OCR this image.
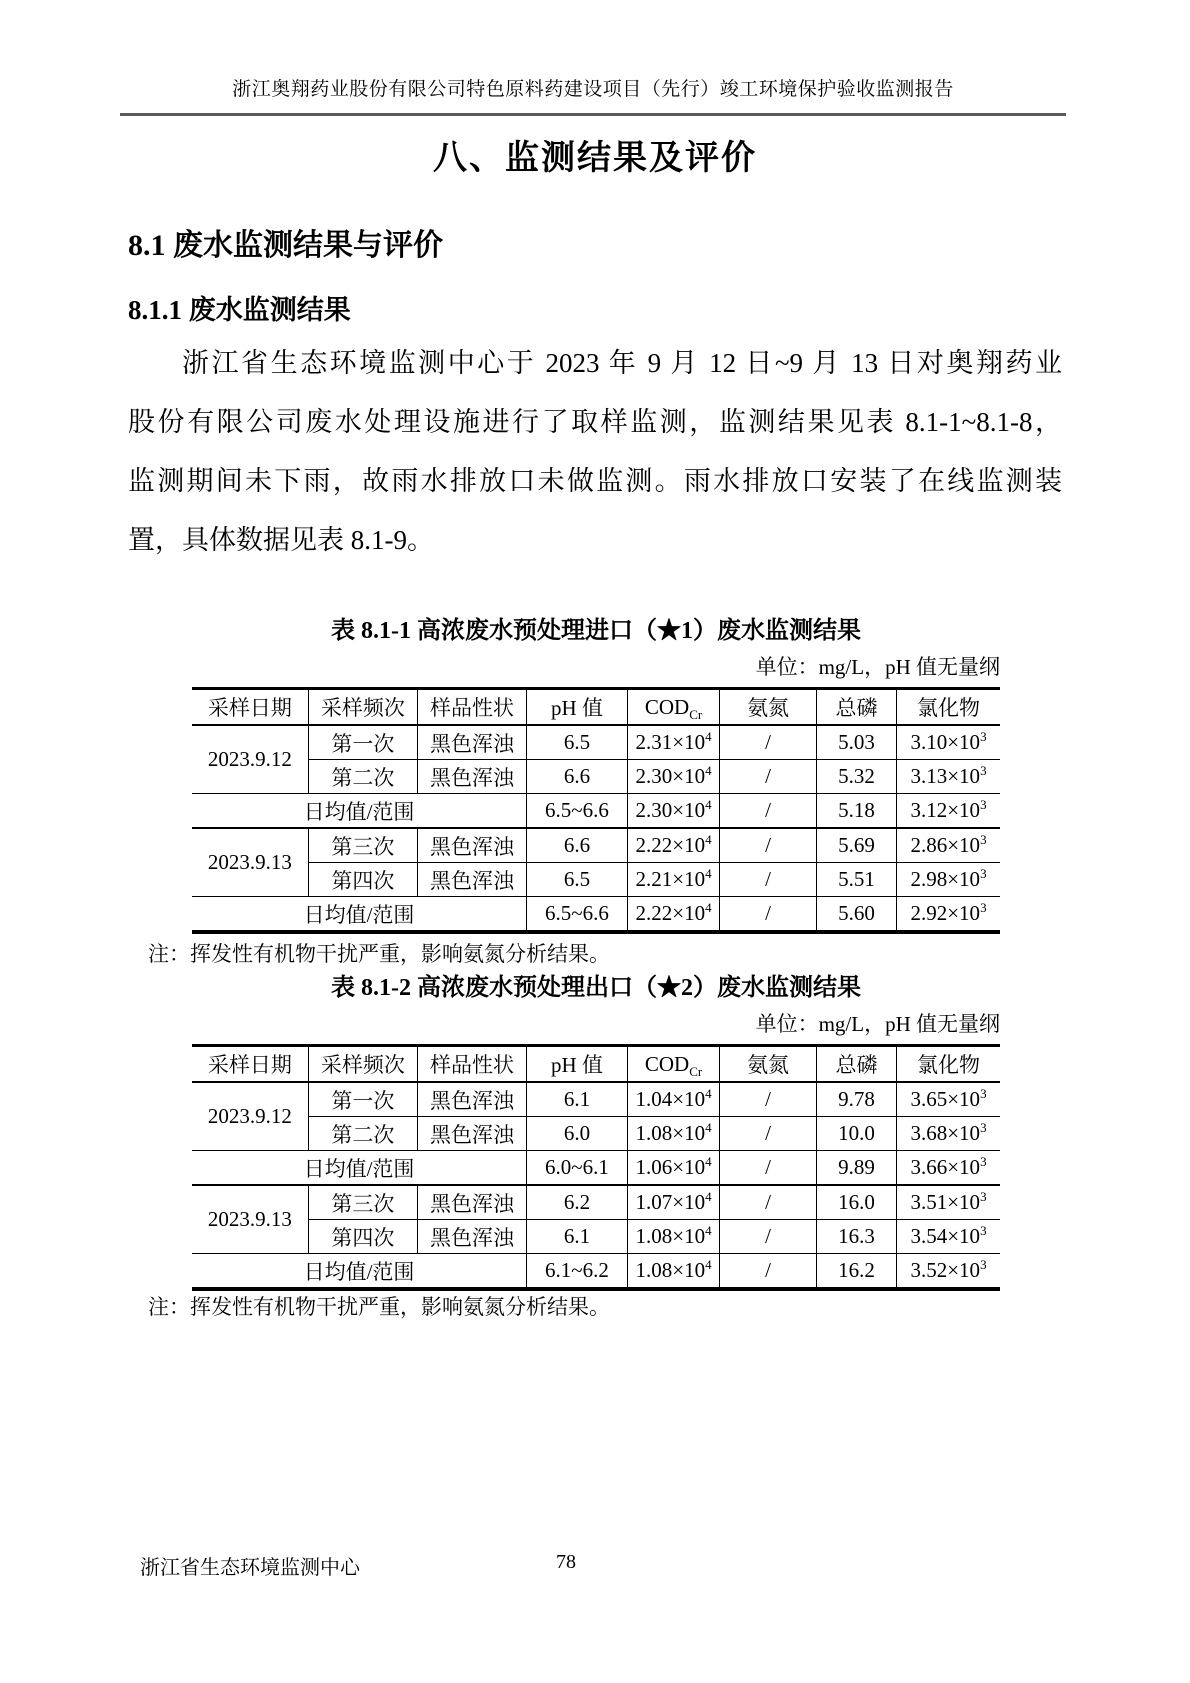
浙江奥翔药业股份有限公司特色原料药建设项目（先行）竣工环境保护验收监测报告
八、监测结果及评价
8.1 废水监测结果与评价
8.1.1 废水监测结果
浙江省生态环境监测中心于 2023 年 9 月 12 日~9 月 13 日对奥翔药业
股份有限公司废水处理设施进行了取样监测，监测结果见表 8.1-1~8.1-8，
监测期间未下雨，故雨水排放口未做监测。雨水排放口安装了在线监测装
置，具体数据见表 8.1-9。
表 8.1-1 高浓废水预处理进口（★1）废水监测结果
单位：mg/L，pH 值无量纲
采样日期	采样频次	样品性状	pH 值	$COD_{Cr}$	氨氮	总磷	氯化物
2023.9.12	第一次	黑色浑浊	6.5	$2.31\times 10^4$	/	5.03	$3.10\times 10^3$
	第二次	黑色浑浊	6.6	$2.30\times 10^4$	/	5.32	$3.13\times 10^3$
日均值/范围			6.5~6.6	$2.30\times 10^4$	/	5.18	$3.12\times 10^3$
2023.9.13	第三次	黑色浑浊	6.6	$2.22\times 10^4$	/	5.69	$2.86\times 10^3$
	第四次	黑色浑浊	6.5	$2.21\times 10^4$	/	5.51	$2.98\times 10^3$
日均值/范围			6.5~6.6	$2.22\times 10^4$	/	5.60	$2.92\times 10^3$
注：挥发性有机物干扰严重，影响氨氮分析结果。
表 8.1-2 高浓废水预处理出口（★2）废水监测结果
单位：mg/L，pH 值无量纲
采样日期	采样频次	样品性状	pH 值	$COD_{Cr}$	氨氮	总磷	氯化物
2023.9.12	第一次	黑色浑浊	6.1	$1.04\times 10^4$	/	9.78	$3.65\times 10^3$
	第二次	黑色浑浊	6.0	$1.08\times 10^4$	/	10.0	$3.68\times 10^3$
日均值/范围			6.0~6.1	$1.06\times 10^4$	/	9.89	$3.66\times 10^3$
2023.9.13	第三次	黑色浑浊	6.2	$1.07\times 10^4$	/	16.0	$3.51\times 10^3$
	第四次	黑色浑浊	6.1	$1.08\times 10^4$	/	16.3	$3.54\times 10^3$
日均值/范围			6.1~6.2	$1.08\times 10^4$	/	16.2	$3.52\times 10^3$
注：挥发性有机物干扰严重，影响氨氮分析结果。
浙江省生态环境监测中心	78
